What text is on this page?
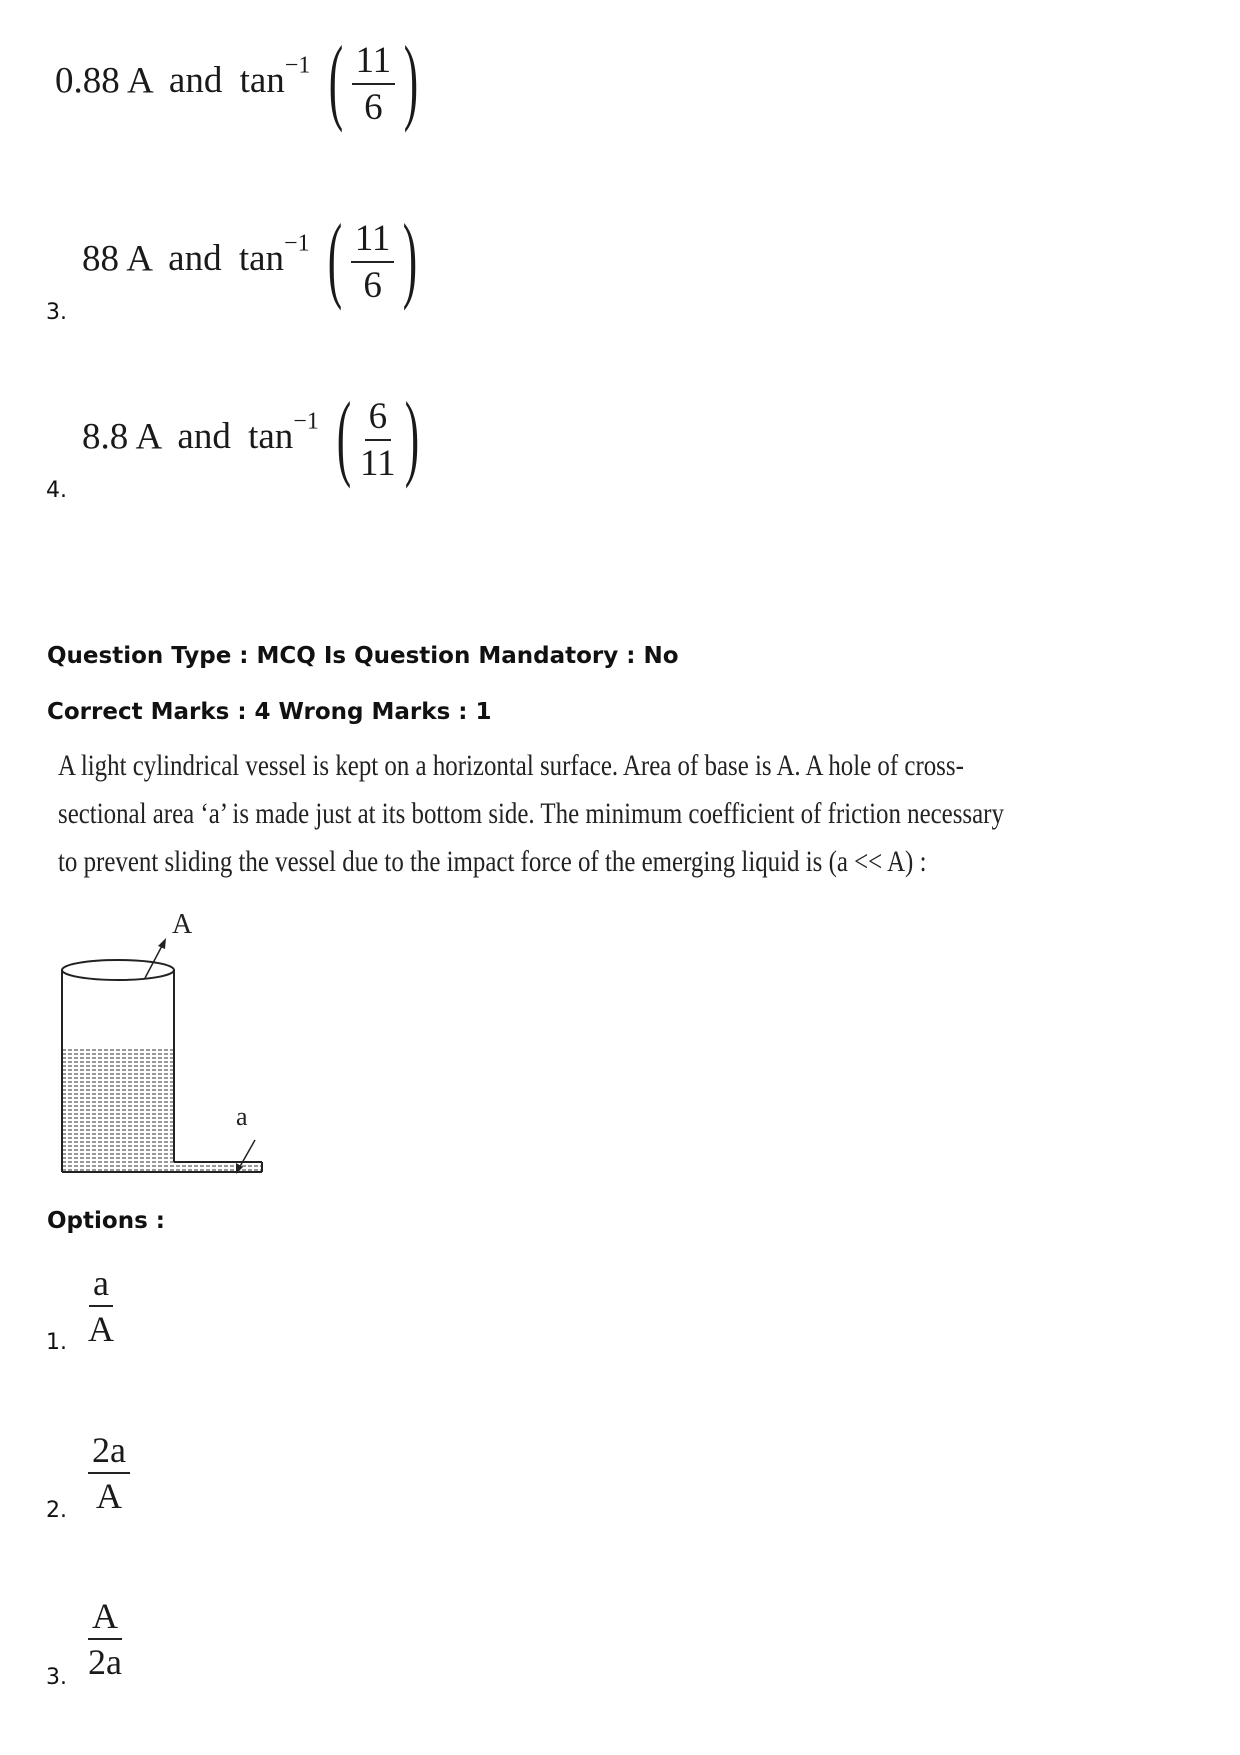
0.88 A and $\tan^{-1}$ ( $\frac{11}{6}$ )
3.
88 A and $\tan^{-1}$ ( $\frac{11}{6}$ )
4.
8.8 A and $\tan^{-1}$ ( $\frac{6}{11}$ )
Question Type : MCQ Is Question Mandatory : No
Correct Marks : 4 Wrong Marks : 1
A light cylindrical vessel is kept on a horizontal surface. Area of base is A. A hole of cross-
sectional area ‘a’ is made just at its bottom side. The minimum coefficient of friction necessary
to prevent sliding the vessel due to the impact force of the emerging liquid is (a << A) :
A
a
Options :
1. $\frac{a}{A}$
2. $\frac{2a}{A}$
3. $\frac{A}{2a}$
